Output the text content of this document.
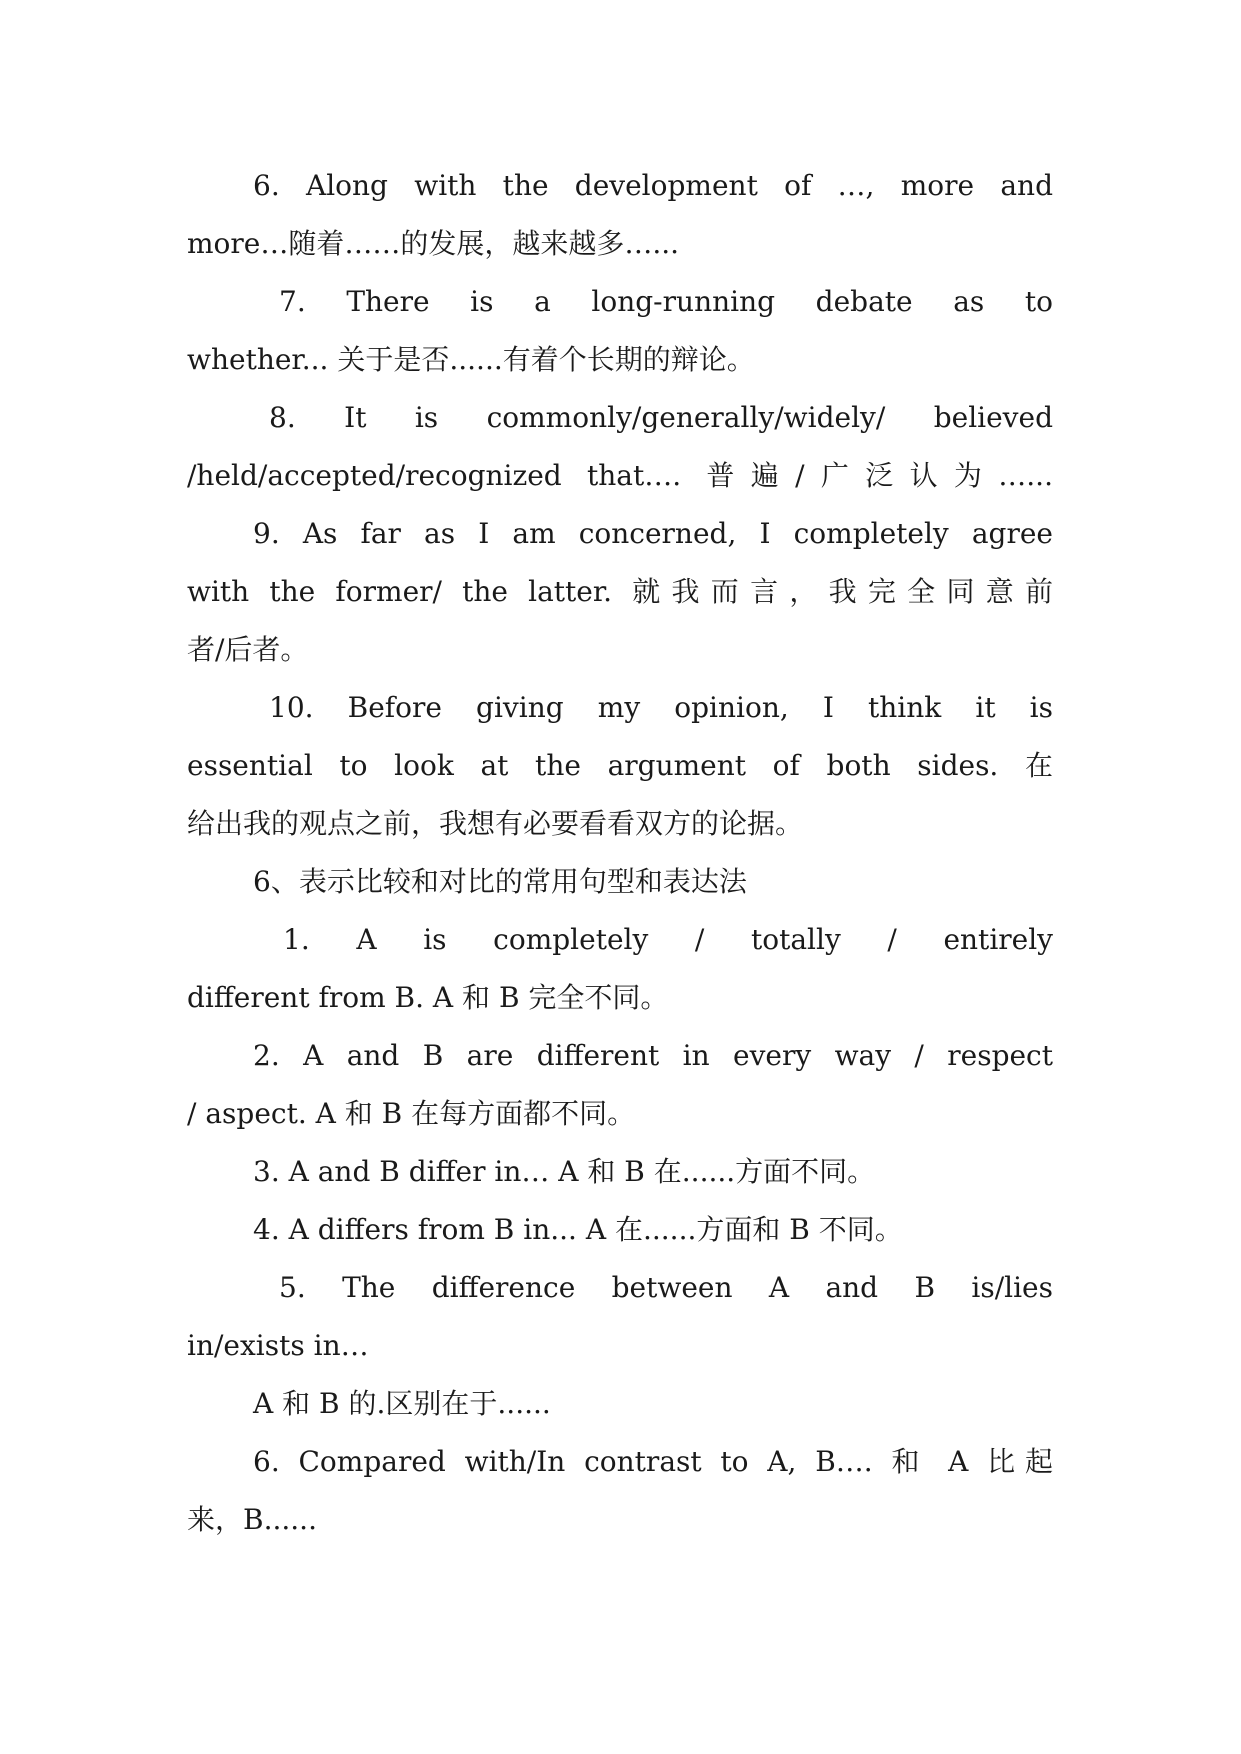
6. Along with the development of …, more and
more…随着……的发展，越来越多…...
7. There is a long-running debate as to
whether... 关于是否......有着个长期的辩论。
8. It is commonly/generally/widely/ believed
/held/accepted/recognized that…. 普遍/广泛认为…...
9. As far as I am concerned, I completely agree
with the former/ the latter. 就我而言，我完全同意前
者/后者。
10. Before giving my opinion, I think it is
essential to look at the argument of both sides. 在
给出我的观点之前，我想有必要看看双方的论据。
6、表示比较和对比的常用句型和表达法
1. A is completely / totally / entirely
different from B. A 和 B 完全不同。
2. A and B are different in every way / respect
/ aspect. A 和 B 在每方面都不同。
3. A and B differ in… A 和 B 在......方面不同。
4. A differs from B in... A 在......方面和 B 不同。
5. The difference between A and B is/lies
in/exists in…
A 和 B 的.区别在于......
6. Compared with/In contrast to A, B…. 和 A 比起
来，B......
